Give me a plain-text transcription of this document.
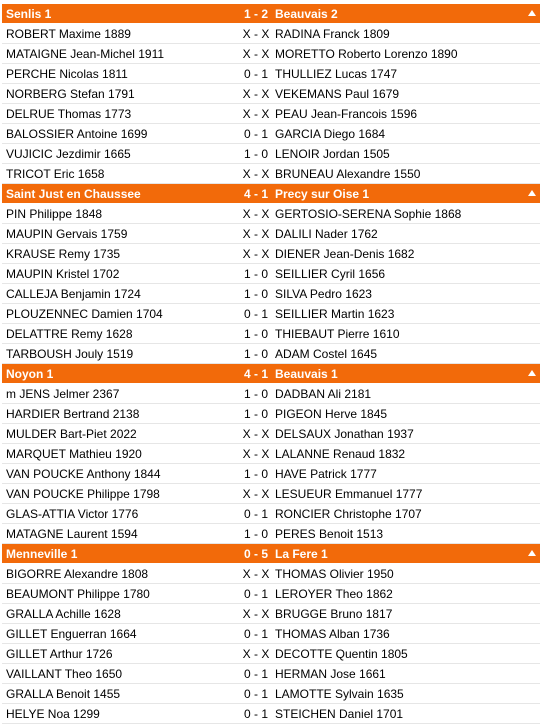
Senlis 1	1 - 2 Beauvais 2
ROBERT Maxime 1889	X - X RADINA Franck 1809
MATAIGNE Jean-Michel 1911	X - X MORETTO Roberto Lorenzo 1890
PERCHE Nicolas 1811	0 - 1 THULLIEZ Lucas 1747
NORBERG Stefan 1791	X - X VEKEMANS Paul 1679
DELRUE Thomas 1773	X - X PEAU Jean-Francois 1596
BALOSSIER Antoine 1699	0 - 1 GARCIA Diego 1684
VUJICIC Jezdimir 1665	1 - 0 LENOIR Jordan 1505
TRICOT Eric 1658	X - X BRUNEAU Alexandre 1550
Saint Just en Chaussee	4 - 1 Precy sur Oise 1
PIN Philippe 1848	X - X GERTOSIO-SERENA Sophie 1868
MAUPIN Gervais 1759	X - X DALILI Nader 1762
KRAUSE Remy 1735	X - X DIENER Jean-Denis 1682
MAUPIN Kristel 1702	1 - 0 SEILLIER Cyril 1656
CALLEJA Benjamin 1724	1 - 0 SILVA Pedro 1623
PLOUZENNEC Damien 1704	0 - 1 SEILLIER Martin 1623
DELATTRE Remy 1628	1 - 0 THIEBAUT Pierre 1610
TARBOUSH Jouly 1519	1 - 0 ADAM Costel 1645
Noyon 1	4 - 1 Beauvais 1
m JENS Jelmer 2367	1 - 0 DADBAN Ali 2181
HARDIER Bertrand 2138	1 - 0 PIGEON Herve 1845
MULDER Bart-Piet 2022	X - X DELSAUX Jonathan 1937
MARQUET Mathieu 1920	X - X LALANNE Renaud 1832
VAN POUCKE Anthony 1844	1 - 0 HAVE Patrick 1777
VAN POUCKE Philippe 1798	X - X LESUEUR Emmanuel 1777
GLAS-ATTIA Victor 1776	0 - 1 RONCIER Christophe 1707
MATAGNE Laurent 1594	1 - 0 PERES Benoit 1513
Menneville 1	0 - 5 La Fere 1
BIGORRE Alexandre 1808	X - X THOMAS Olivier 1950
BEAUMONT Philippe 1780	0 - 1 LEROYER Theo 1862
GRALLA Achille 1628	X - X BRUGGE Bruno 1817
GILLET Enguerran 1664	0 - 1 THOMAS Alban 1736
GILLET Arthur 1726	X - X DECOTTE Quentin 1805
VAILLANT Theo 1650	0 - 1 HERMAN Jose 1661
GRALLA Benoit 1455	0 - 1 LAMOTTE Sylvain 1635
HELYE Noa 1299	0 - 1 STEICHEN Daniel 1701
